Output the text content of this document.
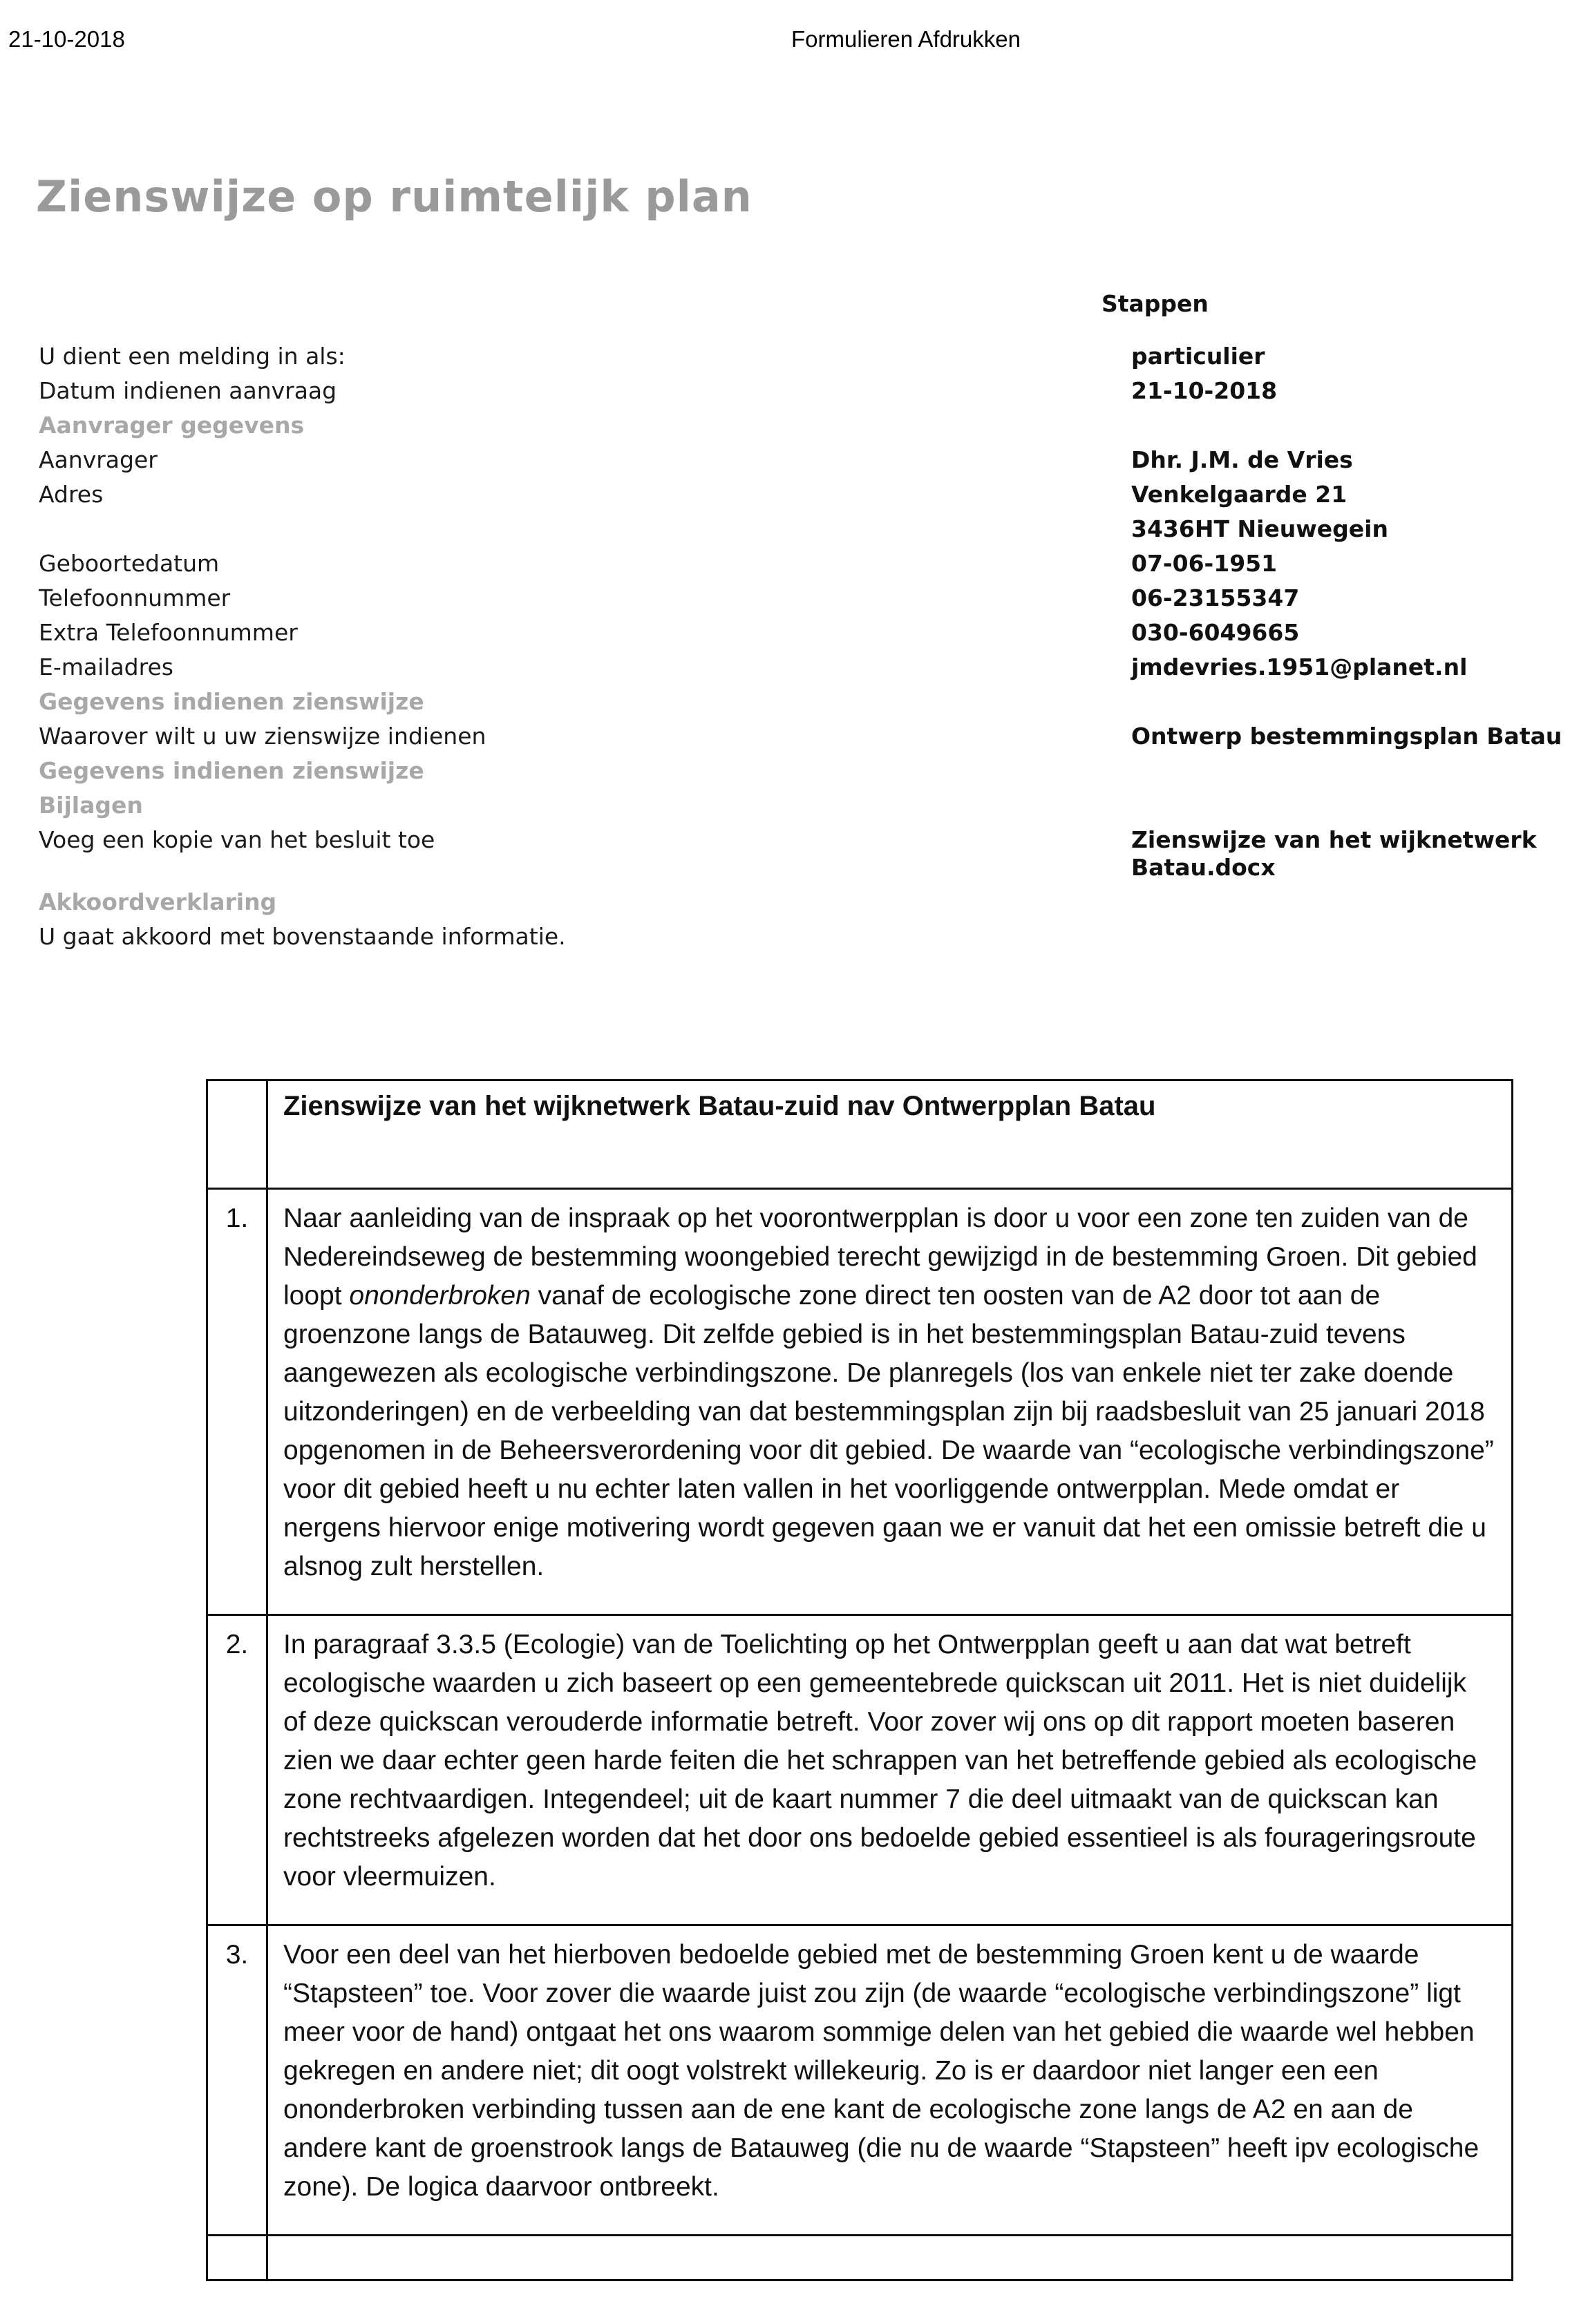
21-10-2018	Formulieren Afdrukken
Zienswijze op ruimtelijk plan
Stappen
U dient een melding in als:	particulier
Datum indienen aanvraag	21-10-2018
Aanvrager gegevens
Aanvrager	Dhr. J.M. de Vries
Adres	Venkelgaarde 21
3436HT Nieuwegein
Geboortedatum	07-06-1951
Telefoonnummer	06-23155347
Extra Telefoonnummer	030-6049665
E-mailadres	jmdevries.1951@planet.nl
Gegevens indienen zienswijze
Waarover wilt u uw zienswijze indienen	Ontwerp bestemmingsplan Batau
Gegevens indienen zienswijze
Bijlagen
Voeg een kopie van het besluit toe	Zienswijze van het wijknetwerk
Batau.docx
Akkoordverklaring
U gaat akkoord met bovenstaande informatie.
	Zienswijze van het wijknetwerk Batau-zuid nav Ontwerpplan Batau
1.	Naar aanleiding van de inspraak op het voorontwerpplan is door u voor een zone ten zuiden van de Nedereindseweg de bestemming woongebied terecht gewijzigd in de bestemming Groen. Dit gebied loopt ononderbroken vanaf de ecologische zone direct ten oosten van de A2 door tot aan de groenzone langs de Batauweg. Dit zelfde gebied is in het bestemmingsplan Batau-zuid tevens aangewezen als ecologische verbindingszone. De planregels (los van enkele niet ter zake doende uitzonderingen) en de verbeelding van dat bestemmingsplan zijn bij raadsbesluit van 25 januari 2018 opgenomen in de Beheersverordening voor dit gebied. De waarde van “ecologische verbindingszone” voor dit gebied heeft u nu echter laten vallen in het voorliggende ontwerpplan. Mede omdat er nergens hiervoor enige motivering wordt gegeven gaan we er vanuit dat het een omissie betreft die u alsnog zult herstellen.
2.	In paragraaf 3.3.5 (Ecologie) van de Toelichting op het Ontwerpplan geeft u aan dat wat betreft ecologische waarden u zich baseert op een gemeentebrede quickscan uit 2011. Het is niet duidelijk of deze quickscan verouderde informatie betreft. Voor zover wij ons op dit rapport moeten baseren zien we daar echter geen harde feiten die het schrappen van het betreffende gebied als ecologische zone rechtvaardigen. Integendeel; uit de kaart nummer 7 die deel uitmaakt van de quickscan kan rechtstreeks afgelezen worden dat het door ons bedoelde gebied essentieel is als fourageringsroute voor vleermuizen.
3.	Voor een deel van het hierboven bedoelde gebied met de bestemming Groen kent u de waarde “Stapsteen” toe. Voor zover die waarde juist zou zijn (de waarde “ecologische verbindingszone” ligt meer voor de hand) ontgaat het ons waarom sommige delen van het gebied die waarde wel hebben gekregen en andere niet; dit oogt volstrekt willekeurig. Zo is er daardoor niet langer een een ononderbroken verbinding tussen aan de ene kant de ecologische zone langs de A2 en aan de andere kant de groenstrook langs de Batauweg (die nu de waarde “Stapsteen” heeft ipv ecologische zone). De logica daarvoor ontbreekt.
